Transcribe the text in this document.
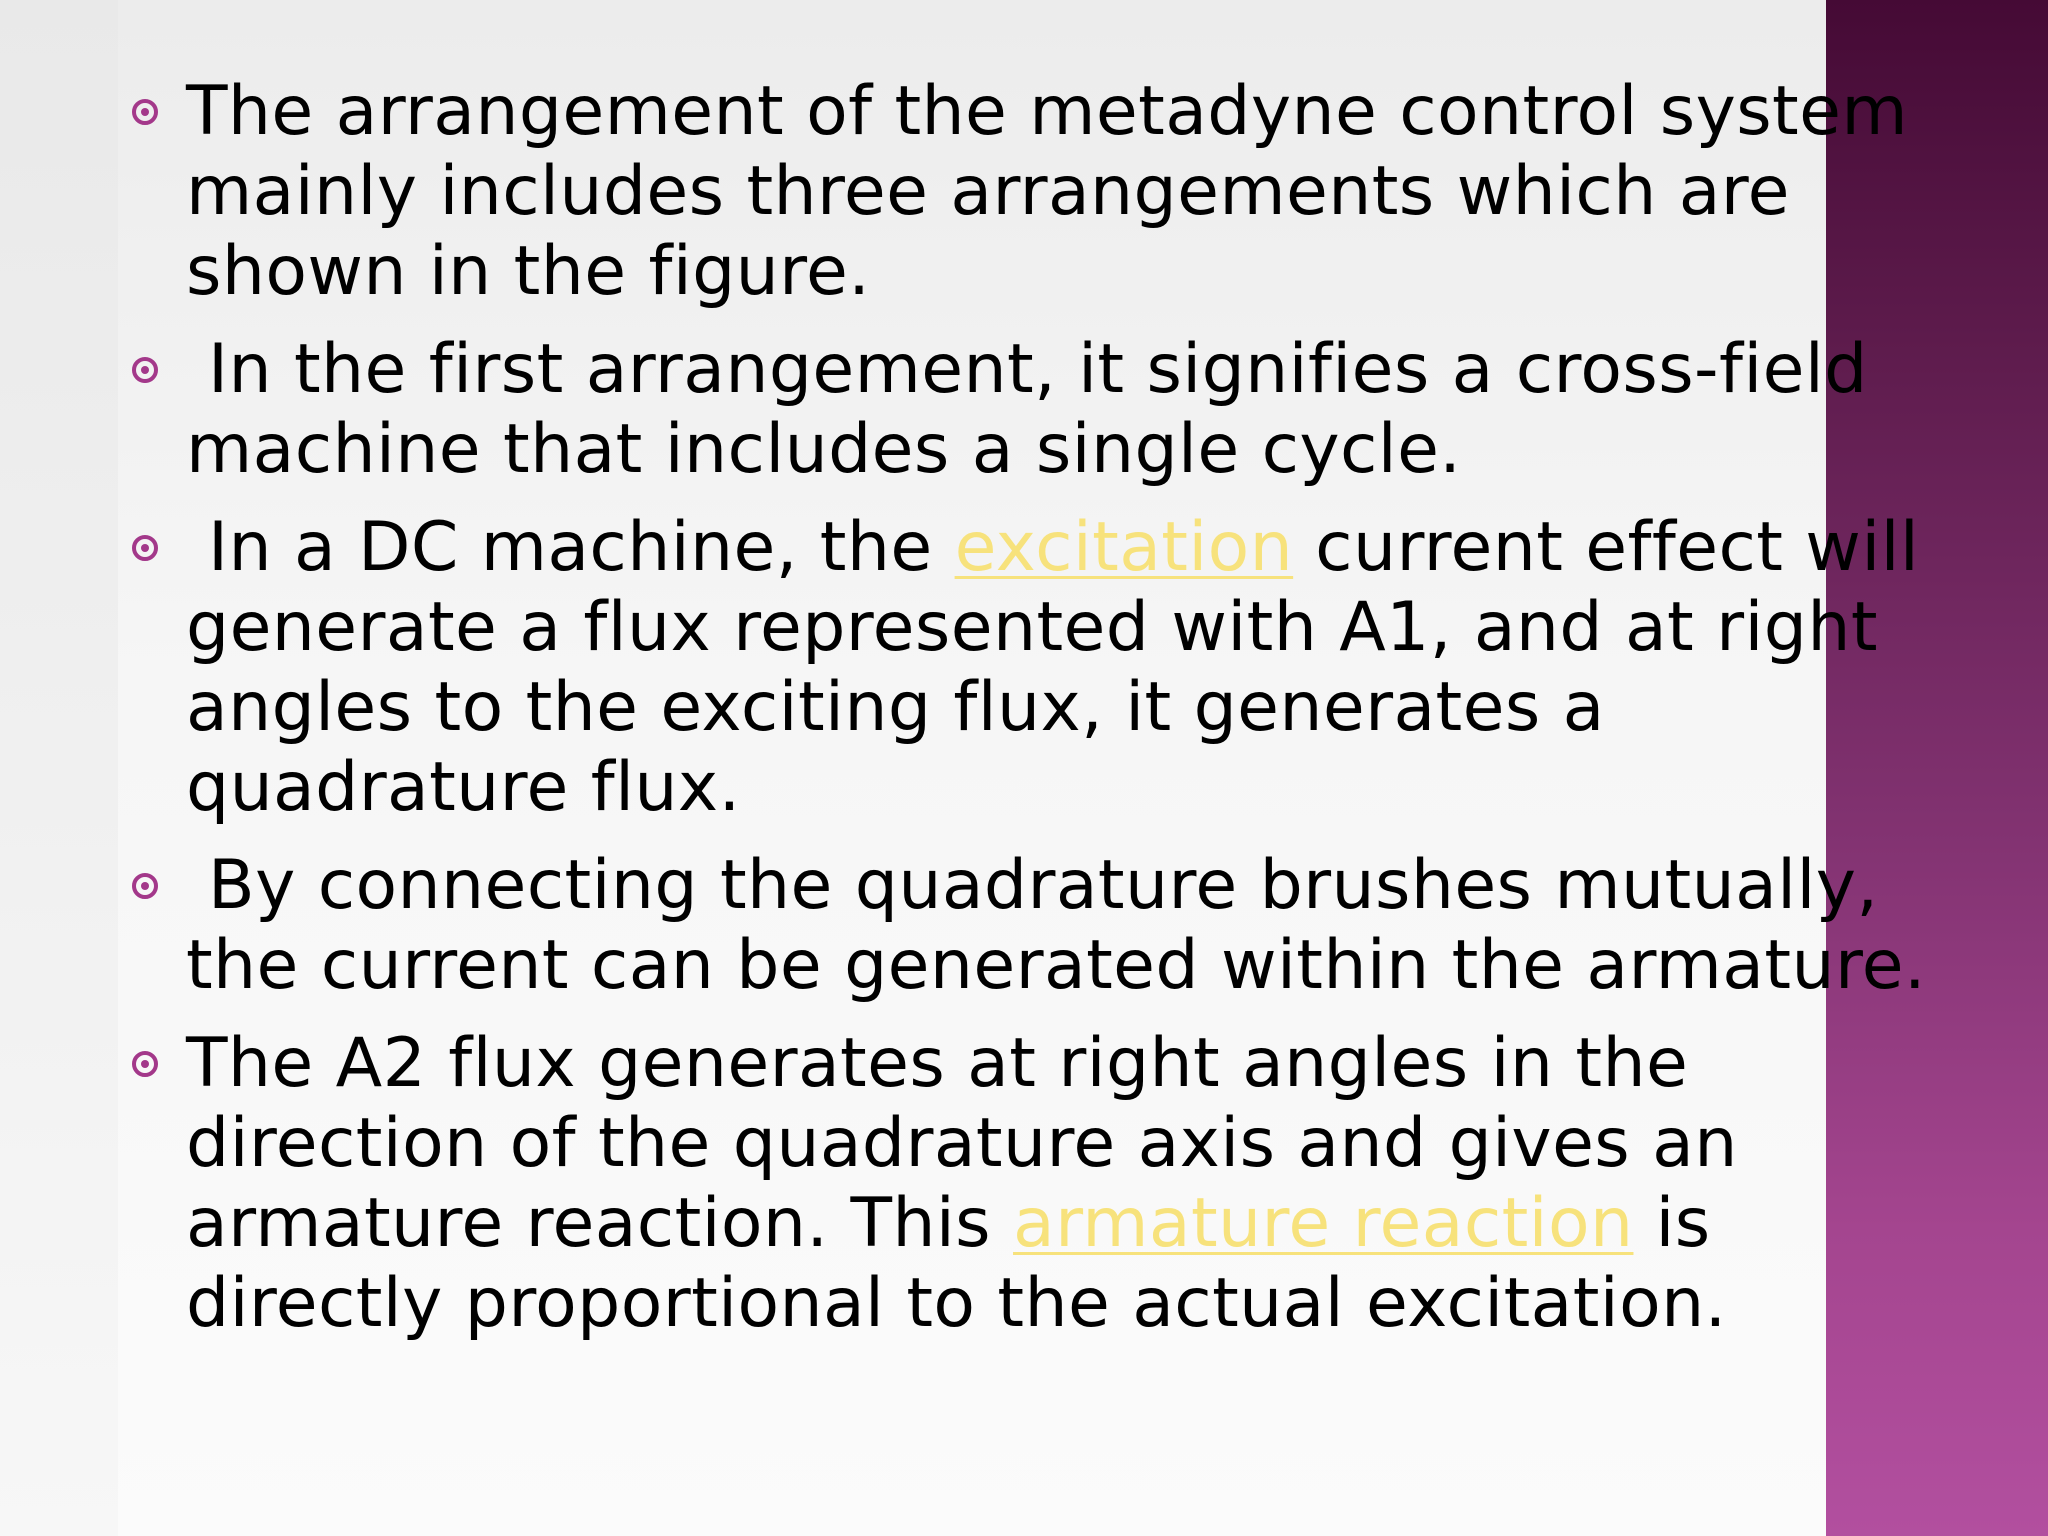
The arrangement of the metadyne control system
mainly includes three arrangements which are
shown in the figure.
In the first arrangement, it signifies a cross-field
machine that includes a single cycle.
In a DC machine, the excitation current effect will
generate a flux represented with A1, and at right
angles to the exciting flux, it generates a
quadrature flux.
By connecting the quadrature brushes mutually,
the current can be generated within the armature.
The A2 flux generates at right angles in the
direction of the quadrature axis and gives an
armature reaction. This armature reaction is
directly proportional to the actual excitation.
